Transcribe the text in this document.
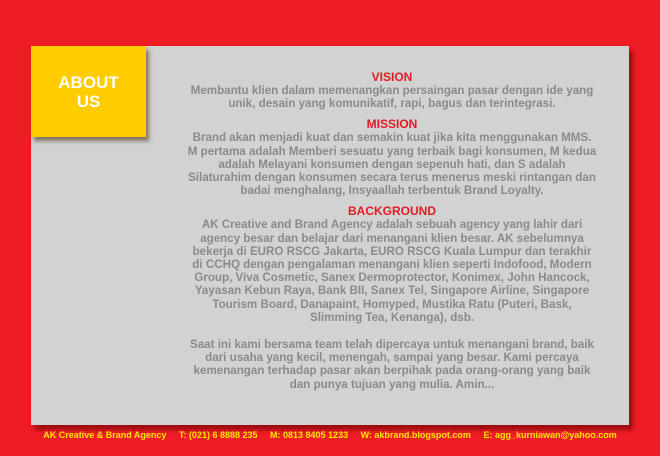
ABOUT
US
VISION

Membantu klien dalam memenangkan persaingan pasar dengan ide yang
unik, desain yang komunikatif, rapi, bagus dan terintegrasi.

MISSION

Brand akan menjadi kuat dan semakin kuat jika kita menggunakan MMS.
M pertama adalah Memberi sesuatu yang terbaik bagi konsumen, M kedua
adalah Melayani konsumen dengan sepenuh hati, dan S adalah
Silaturahim dengan konsumen secara terus menerus meski rintangan dan
badai menghalang, Insyaallah terbentuk Brand Loyalty.

BACKGROUND

AK Creative and Brand Agency adalah sebuah agency yang lahir dari
agency besar dan belajar dari menangani klien besar. AK sebelumnya
bekerja di EURO RSCG Jakarta, EURO RSCG Kuala Lumpur dan terakhir
di CCHQ dengan pengalaman menangani klien seperti Indofood, Modern
Group, Viva Cosmetic, Sanex Dermoprotector, Konimex, John Hancock,
Yayasan Kebun Raya, Bank BII, Sanex Tel, Singapore Airline, Singapore
Tourism Board, Danapaint, Homyped, Mustika Ratu (Puteri, Bask,
Slimming Tea, Kenanga), dsb.

Saat ini kami bersama team telah dipercaya untuk menangani brand, baik
dari usaha yang kecil, menengah, sampai yang besar. Kami percaya
kemenangan terhadap pasar akan berpihak pada orang-orang yang baik
dan punya tujuan yang mulia. Amin...

AK Creative & Brand Agency T: (021) 6 8888 235 M: 0813 8405 1233 W: akbrand.blogspot.com E: agg_kurniawan@yahoo.com
